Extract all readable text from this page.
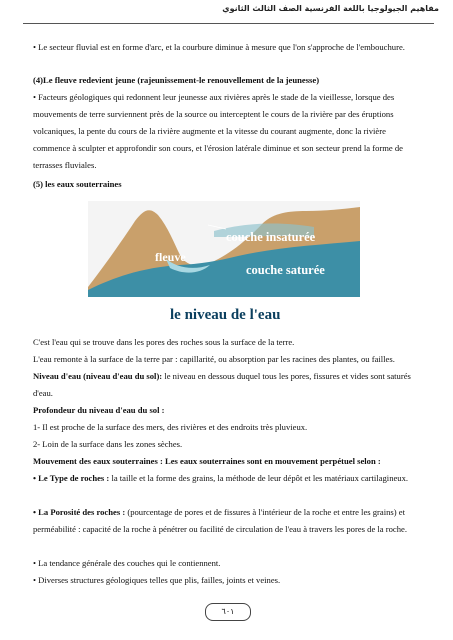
مفاهيم الجيولوجيا باللغة الفرنسية الصف الثالث الثانوي

• Le secteur fluvial est en forme d'arc, et la courbure diminue à mesure que l'on s'approche de l'embouchure.

(4)Le fleuve redevient jeune (rajeunissement-le renouvellement de la jeunesse)

• Facteurs géologiques qui redonnent leur jeunesse aux rivières après le stade de la vieillesse, lorsque des mouvements de terre surviennent près de la source ou interceptent le cours de la rivière par des éruptions volcaniques, la pente du cours de la rivière augmente et la vitesse du courant augmente, donc la rivière commence à sculpter et approfondir son cours, et l'érosion latérale diminue et son secteur prend la forme de terrasses fluviales.

(5) les eaux souterraines

fleuve
couche insaturée
couche saturée
le niveau de l'eau

C'est l'eau qui se trouve dans les pores des roches sous la surface de la terre.

L'eau remonte à la surface de la terre par : capillarité, ou absorption par les racines des plantes, ou failles.

Niveau d'eau (niveau d'eau du sol): le niveau en dessous duquel tous les pores, fissures et vides sont saturés d'eau.

Profondeur du niveau d'eau du sol :

1- Il est proche de la surface des mers, des rivières et des endroits très pluvieux.

2- Loin de la surface dans les zones sèches.

Mouvement des eaux souterraines : Les eaux souterraines sont en mouvement perpétuel selon :

• Le Type de roches : la taille et la forme des grains, la méthode de leur dépôt et les matériaux cartilagineux.

• La Porosité des roches : (pourcentage de pores et de fissures à l'intérieur de la roche et entre les grains) et perméabilité : capacité de la roche à pénétrer ou facilité de circulation de l'eau à travers les pores de la roche.

• La tendance générale des couches qui le contiennent.

• Diverses structures géologiques telles que plis, failles, joints et veines.

٦٠١
